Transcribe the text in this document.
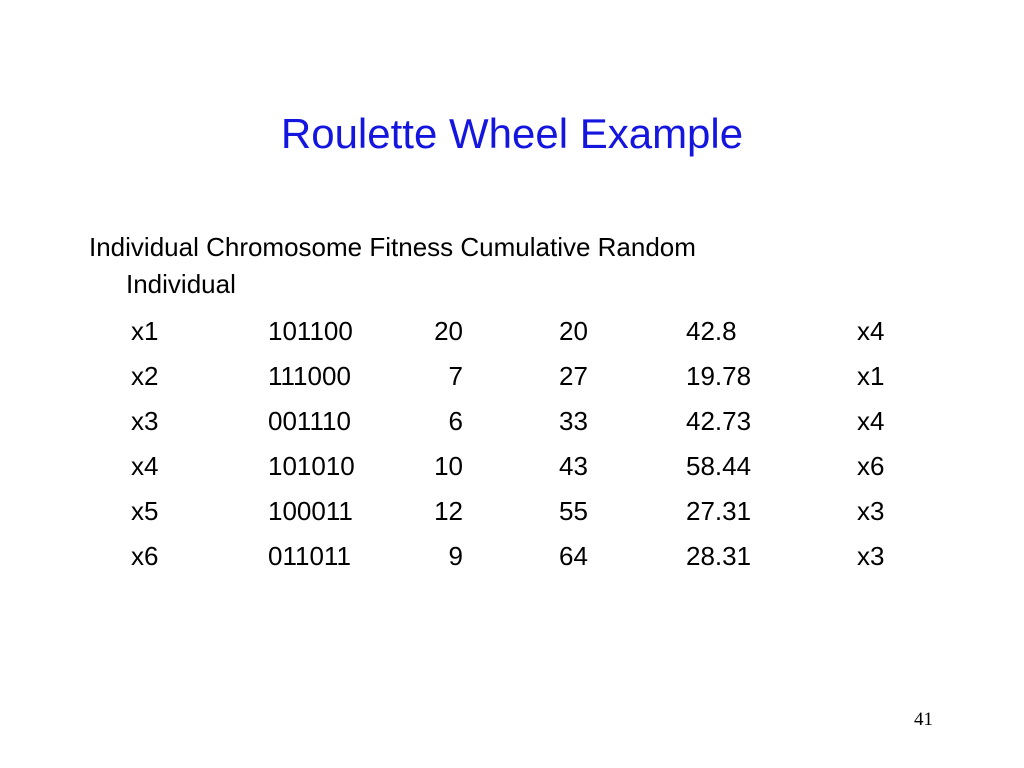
Roulette Wheel Example
Individual Chromosome Fitness Cumulative Random
Individual
x1	101100	20	20	42.8	x4
x2	111000	7	27	19.78	x1
x3	001110	6	33	42.73	x4
x4	101010	10	43	58.44	x6
x5	100011	12	55	27.31	x3
x6	011011	9	64	28.31	x3
41
